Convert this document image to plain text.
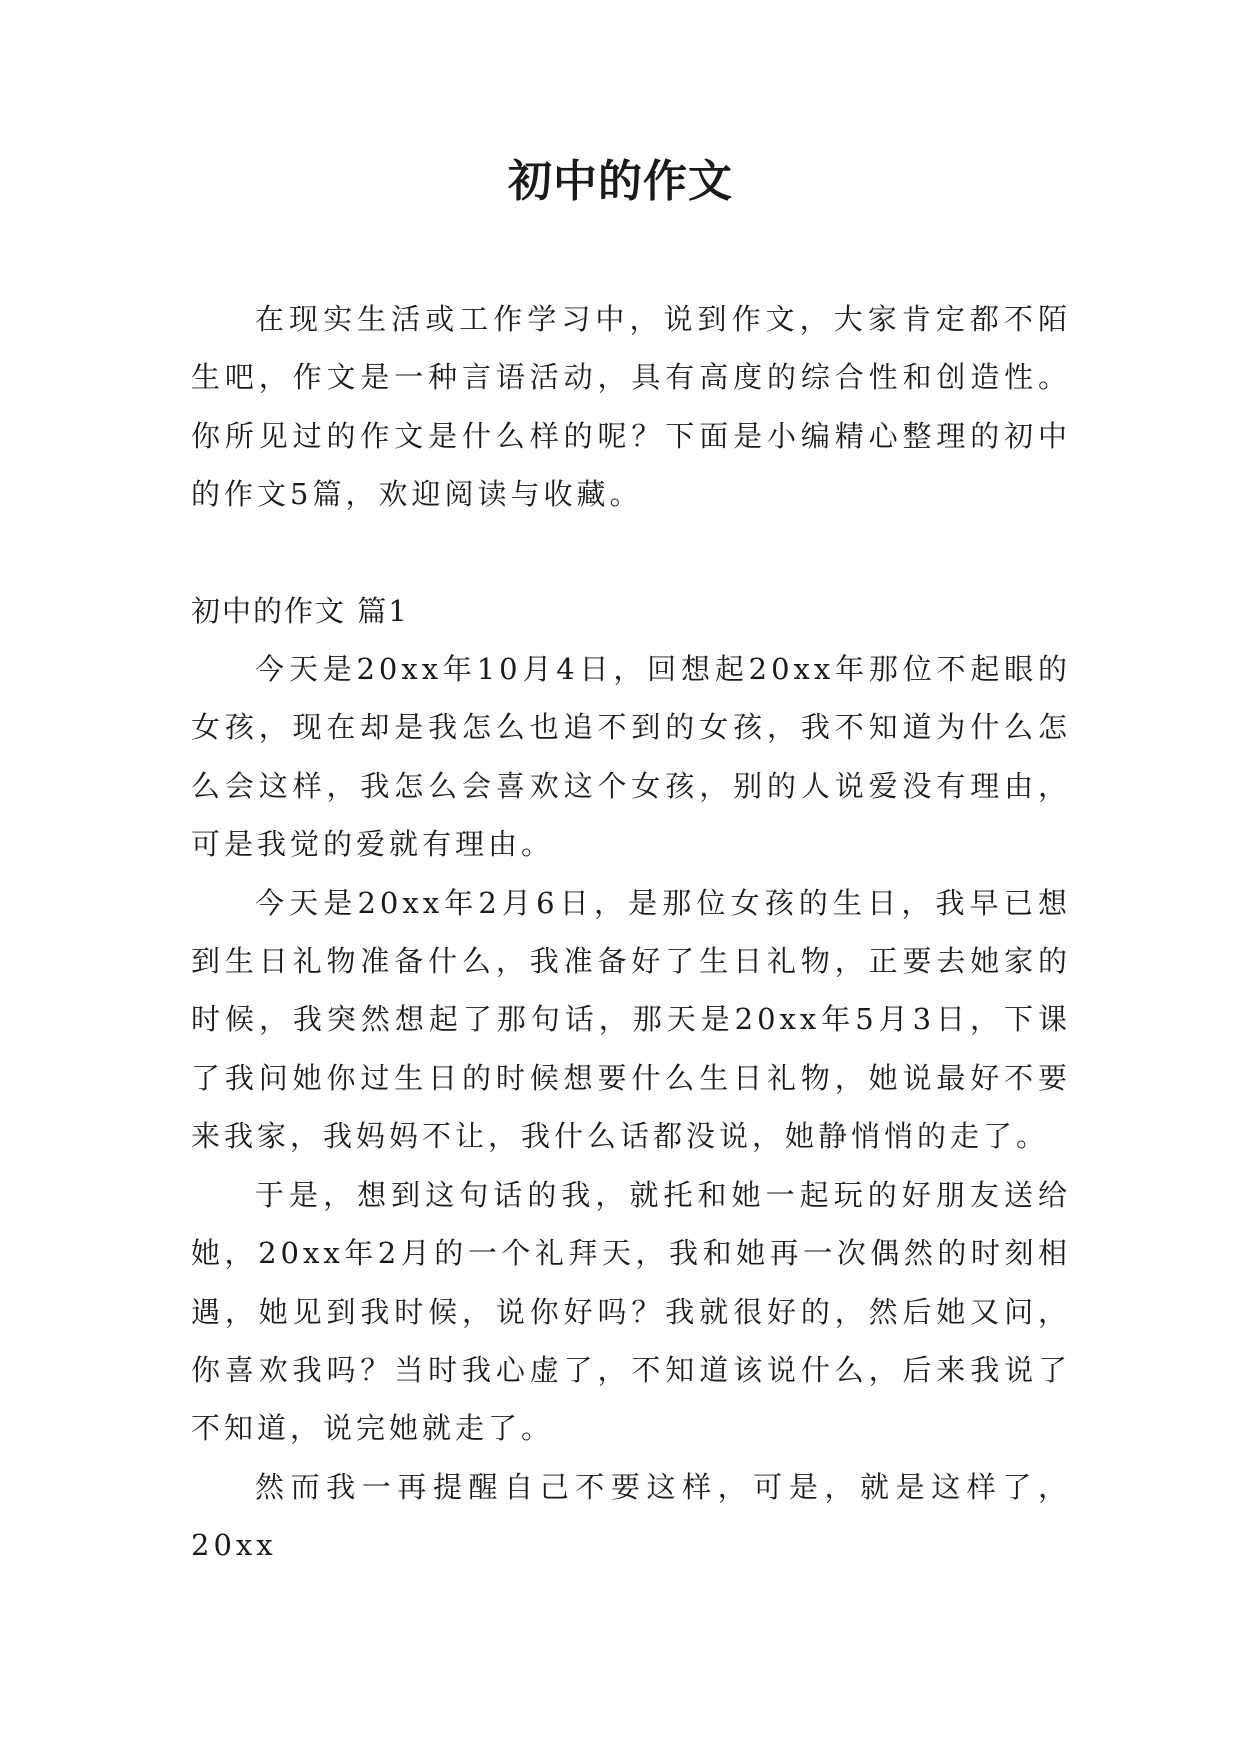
初中的作文

在现实生活或工作学习中，说到作文，大家肯定都不陌生吧，作文是一种言语活动，具有高度的综合性和创造性。你所见过的作文是什么样的呢？下面是小编精心整理的初中的作文5篇，欢迎阅读与收藏。

初中的作文 篇1

今天是20xx年10月4日，回想起20xx年那位不起眼的女孩，现在却是我怎么也追不到的女孩，我不知道为什么怎么会这样，我怎么会喜欢这个女孩，别的人说爱没有理由，可是我觉的爱就有理由。

今天是20xx年2月6日，是那位女孩的生日，我早已想到生日礼物准备什么，我准备好了生日礼物，正要去她家的时候，我突然想起了那句话，那天是20xx年5月3日，下课了我问她你过生日的时候想要什么生日礼物，她说最好不要来我家，我妈妈不让，我什么话都没说，她静悄悄的走了。

于是，想到这句话的我，就托和她一起玩的好朋友送给她，20xx年2月的一个礼拜天，我和她再一次偶然的时刻相遇，她见到我时候，说你好吗？我就很好的，然后她又问，你喜欢我吗？当时我心虚了，不知道该说什么，后来我说了不知道，说完她就走了。

然而我一再提醒自己不要这样，可是，就是这样了，20xx
